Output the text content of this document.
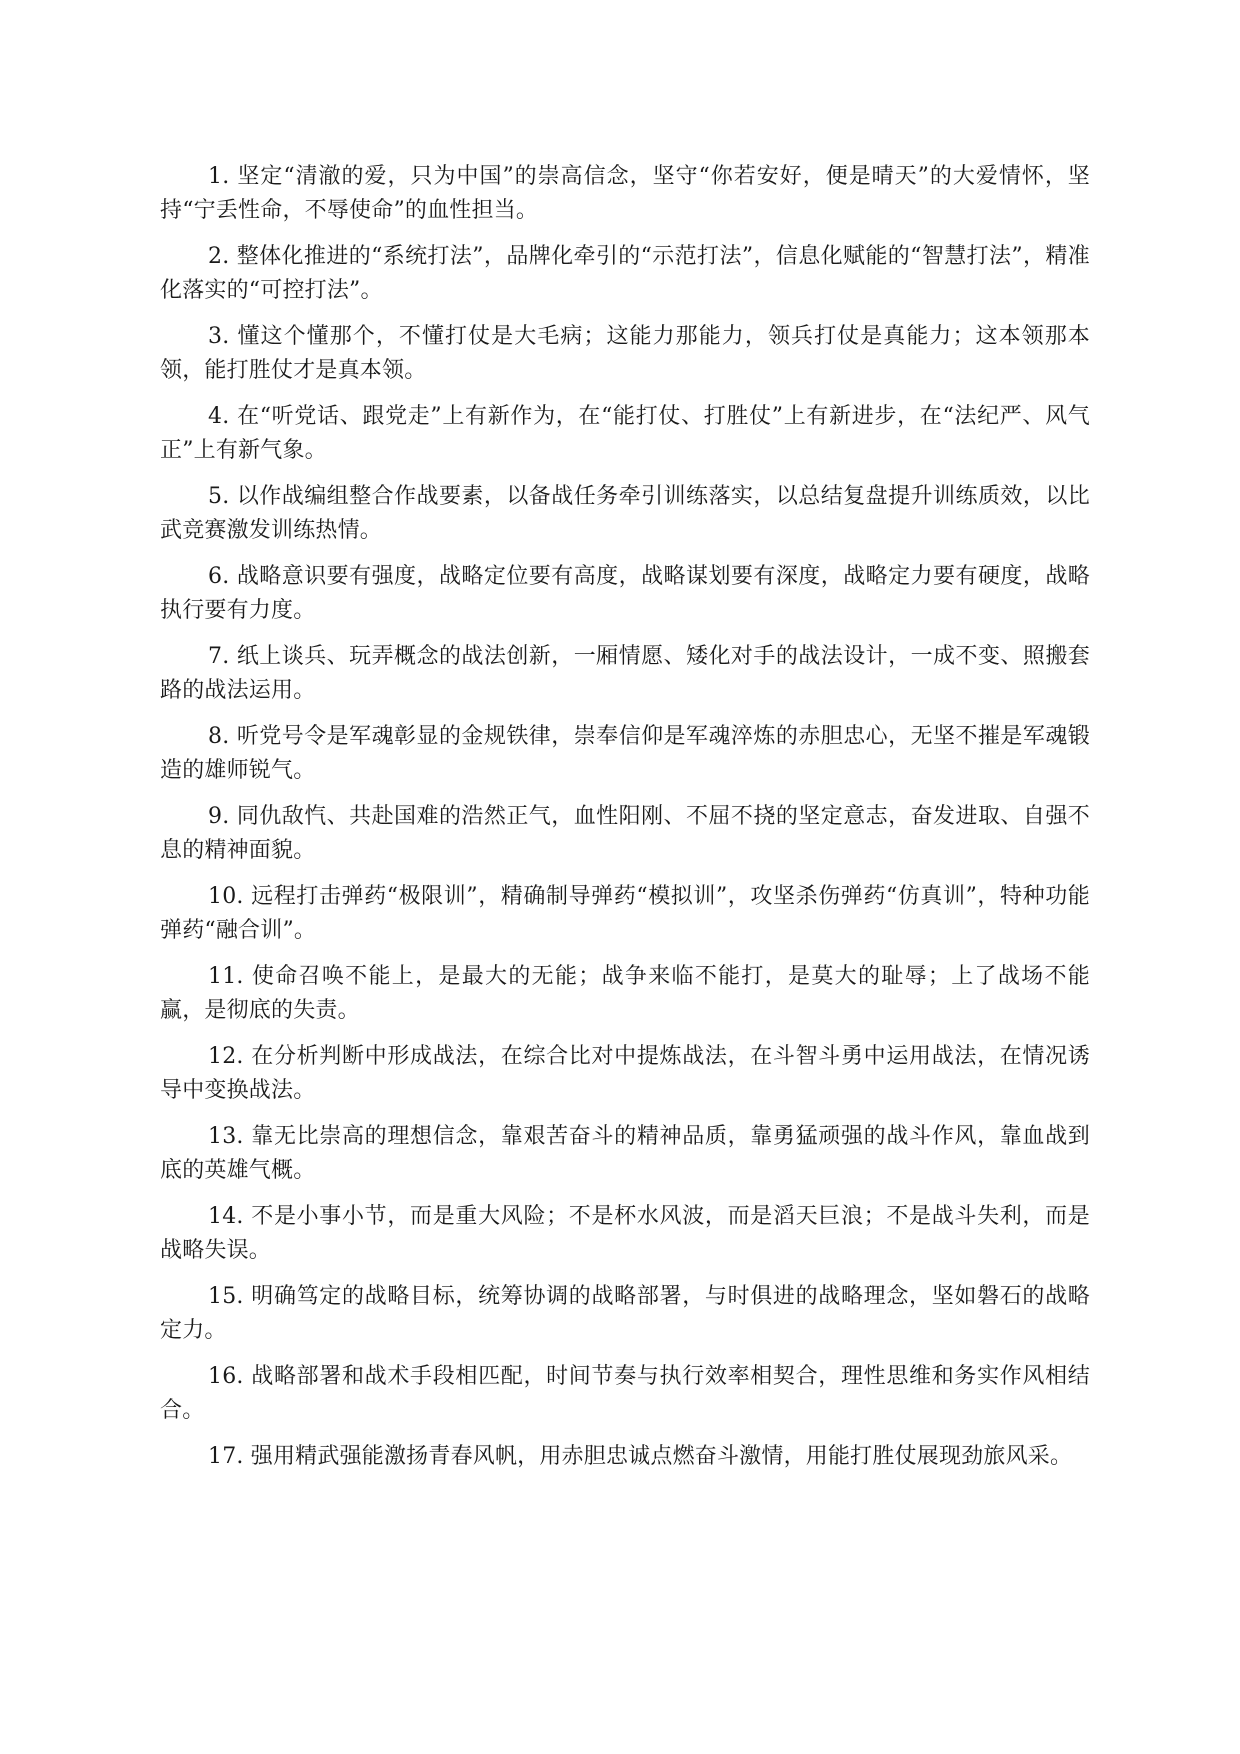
1. 坚定“清澈的爱，只为中国”的崇高信念，坚守“你若安好，便是晴天”的大爱情怀，坚持“宁丢性命，不辱使命”的血性担当。

2. 整体化推进的“系统打法”，品牌化牵引的“示范打法”，信息化赋能的“智慧打法”，精准化落实的“可控打法”。

3. 懂这个懂那个，不懂打仗是大毛病；这能力那能力，领兵打仗是真能力；这本领那本领，能打胜仗才是真本领。

4. 在“听党话、跟党走”上有新作为，在“能打仗、打胜仗”上有新进步，在“法纪严、风气正”上有新气象。

5. 以作战编组整合作战要素，以备战任务牵引训练落实，以总结复盘提升训练质效，以比武竞赛激发训练热情。

6. 战略意识要有强度，战略定位要有高度，战略谋划要有深度，战略定力要有硬度，战略执行要有力度。

7. 纸上谈兵、玩弄概念的战法创新，一厢情愿、矮化对手的战法设计，一成不变、照搬套路的战法运用。

8. 听党号令是军魂彰显的金规铁律，崇奉信仰是军魂淬炼的赤胆忠心，无坚不摧是军魂锻造的雄师锐气。

9. 同仇敌忾、共赴国难的浩然正气，血性阳刚、不屈不挠的坚定意志，奋发进取、自强不息的精神面貌。

10. 远程打击弹药“极限训”，精确制导弹药“模拟训”，攻坚杀伤弹药“仿真训”，特种功能弹药“融合训”。

11. 使命召唤不能上，是最大的无能；战争来临不能打，是莫大的耻辱；上了战场不能赢，是彻底的失责。

12. 在分析判断中形成战法，在综合比对中提炼战法，在斗智斗勇中运用战法，在情况诱导中变换战法。

13. 靠无比崇高的理想信念，靠艰苦奋斗的精神品质，靠勇猛顽强的战斗作风，靠血战到底的英雄气概。

14. 不是小事小节，而是重大风险；不是杯水风波，而是滔天巨浪；不是战斗失利，而是战略失误。

15. 明确笃定的战略目标，统筹协调的战略部署，与时俱进的战略理念，坚如磐石的战略定力。

16. 战略部署和战术手段相匹配，时间节奏与执行效率相契合，理性思维和务实作风相结合。

17. 强用精武强能激扬青春风帆，用赤胆忠诚点燃奋斗激情，用能打胜仗展现劲旅风采。
